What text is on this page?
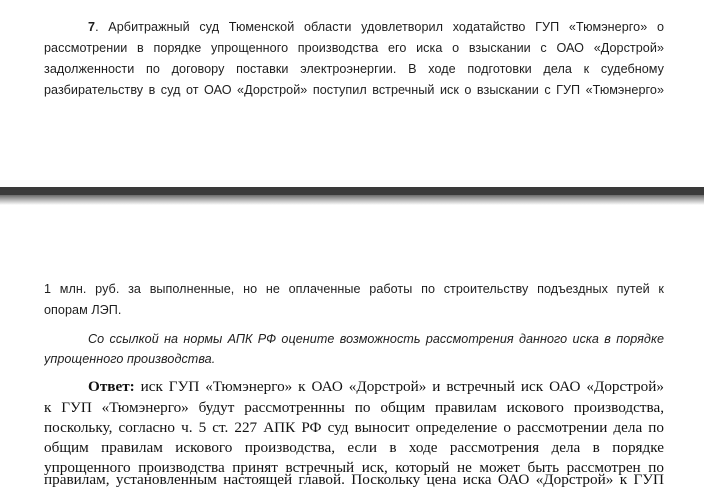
7. Арбитражный суд Тюменской области удовлетворил ходатайство ГУП «Тюмэнерго» о
рассмотрении в порядке упрощенного производства его иска о взыскании с ОАО «Дорстрой»
задолженности по договору поставки электроэнергии. В ходе подготовки дела к судебному
разбирательству в суд от ОАО «Дорстрой» поступил встречный иск о взыскании с ГУП «Тюмэнерго»
1 млн. руб. за выполненные, но не оплаченные работы по строительству подъездных путей к
опорам ЛЭП.
Со ссылкой на нормы АПК РФ оцените возможность рассмотрения данного иска в порядке
упрощенного производства.
Ответ: иск ГУП «Тюмэнерго» к ОАО «Дорстрой» и встречный иск ОАО «Дорстрой»
к ГУП «Тюмэнерго» будут рассмотреннны по общим правилам искового производства,
поскольку, согласно ч. 5 ст. 227 АПК РФ суд выносит определение о рассмотрении дела по
общим правилам искового производства, если в ходе рассмотрения дела в порядке
упрощенного производства принят встречный иск, который не может быть рассмотрен по
правилам, установленным настоящей главой. Поскольку цена иска ОАО «Дорстрой» к ГУП
